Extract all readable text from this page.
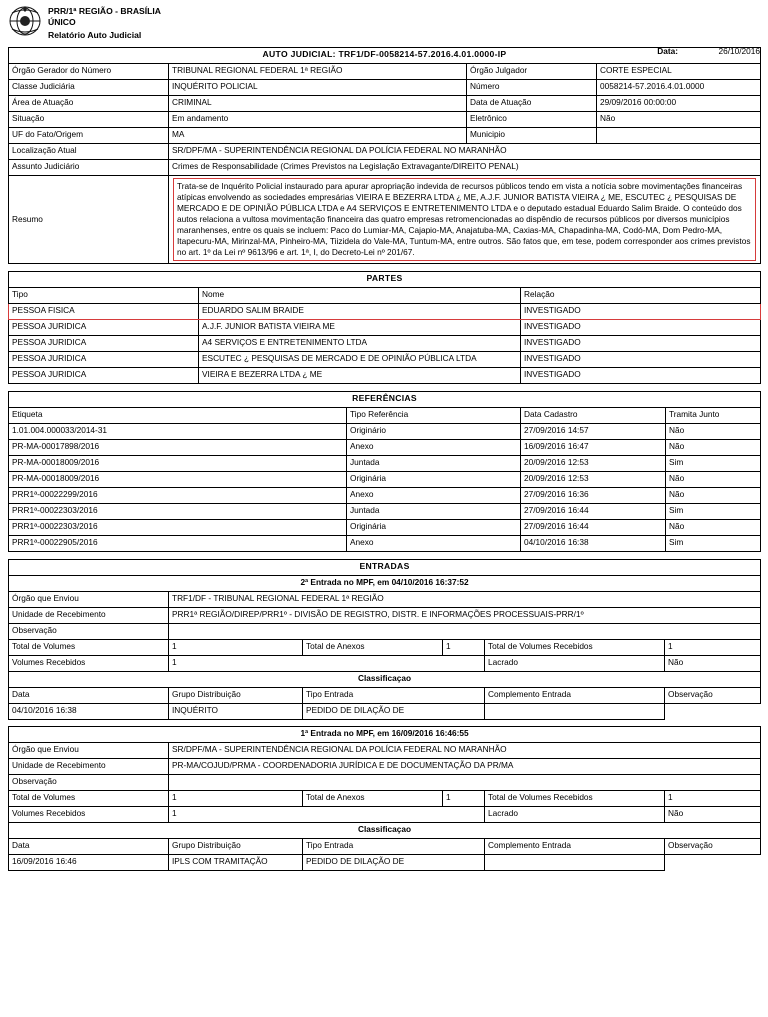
PRR/1ª REGIÃO - BRASÍLIA
ÚNICO
Relatório Auto Judicial
Data:	26/10/2016
AUTO JUDICIAL: TRF1/DF-0058214-57.2016.4.01.0000-IP			
Órgão Gerador do Número	TRIBUNAL REGIONAL FEDERAL 1ª REGIÃO	Órgão Julgador	CORTE ESPECIAL
Classe Judiciária	INQUÉRITO POLICIAL	Número	0058214-57.2016.4.01.0000
Área de Atuação	CRIMINAL	Data de Atuação	29/09/2016 00:00:00
Situação	Em andamento	Eletrônico	Não
UF do Fato/Origem	MA	Municipio	
Localização Atual	SR/DPF/MA - SUPERINTENDÊNCIA REGIONAL DA POLÍCIA FEDERAL NO MARANHÃO		
Assunto Judiciário	Crimes de Responsabilidade (Crimes Previstos na Legislação Extravagante/DIREITO PENAL)		
Resumo	Trata-se de Inquérito Policial instaurado para apurar apropriação indevida de recursos públicos tendo em vista a notícia sobre movimentações financeiras atípicas envolvendo as sociedades empresárias VIEIRA E BEZERRA LTDA ¿ ME, A.J.F. JUNIOR BATISTA VIEIRA ¿ ME, ESCUTEC ¿ PESQUISAS DE MERCADO E DE OPINIÃO PÚBLICA LTDA e A4 SERVIÇOS E ENTRETENIMENTO LTDA e o deputado estadual Eduardo Salim Braide. O conteúdo dos autos relaciona a vultosa movimentação financeira das quatro empresas retromencionadas ao dispêndio de recursos públicos por diversos municípios maranhenses, entre os quais se incluem: Paco do Lumiar-MA, Cajapio-MA, Anajatuba-MA, Caxias-MA, Chapadinha-MA, Codó-MA, Dom Pedro-MA, Itapecuru-MA, Mirinzal-MA, Pinheiro-MA, Tiizidela do Vale-MA, Tuntum-MA, entre outros. São fatos que, em tese, podem corresponder aos crimes previstos no art. 1º da Lei nº 9613/96 e art. 1ª, I, do Decreto-Lei nº 201/67.		
PARTES		
Tipo	Nome	Relação
PESSOA FISICA	EDUARDO SALIM BRAIDE	INVESTIGADO
PESSOA JURIDICA	A.J.F. JUNIOR BATISTA VIEIRA ME	INVESTIGADO
PESSOA JURIDICA	A4 SERVIÇOS E ENTRETENIMENTO LTDA	INVESTIGADO
PESSOA JURIDICA	ESCUTEC ¿ PESQUISAS DE MERCADO E DE OPINIÃO PÚBLICA LTDA	INVESTIGADO
PESSOA JURIDICA	VIEIRA E BEZERRA LTDA ¿ ME	INVESTIGADO
REFERÊNCIAS			
Etiqueta	Tipo Referência	Data Cadastro	Tramita Junto
1.01.004.000033/2014-31	Originário	27/09/2016 14:57	Não
PR-MA-00017898/2016	Anexo	16/09/2016 16:47	Não
PR-MA-00018009/2016	Juntada	20/09/2016 12:53	Sim
PR-MA-00018009/2016	Originária	20/09/2016 12:53	Não
PRR1ª-00022299/2016	Anexo	27/09/2016 16:36	Não
PRR1ª-00022303/2016	Juntada	27/09/2016 16:44	Sim
PRR1ª-00022303/2016	Originária	27/09/2016 16:44	Não
PRR1ª-00022905/2016	Anexo	04/10/2016 16:38	Sim
ENTRADAS					
2ª Entrada no MPF, em 04/10/2016 16:37:52					
Órgão que Enviou	TRF1/DF - TRIBUNAL REGIONAL FEDERAL 1ª REGIÃO				
Unidade de Recebimento	PRR1ª REGIÃO/DIREP/PRR1º - DIVISÃO DE REGISTRO, DISTR. E INFORMAÇÕES PROCESSUAIS-PRR/1º				
Observação					
Total de Volumes	1	Total de Anexos	1	Total de Volumes Recebidos	1
Volumes Recebidos	1			Lacrado	Não
Classificaçao					
Data	Grupo Distribuição	Tipo Entrada		Complemento Entrada	Observação
04/10/2016 16:38	INQUÉRITO	PEDIDO DE DILAÇÃO DE			

1ª Entrada no MPF, em 16/09/2016 16:46:55					
Órgão que Enviou	SR/DPF/MA - SUPERINTENDÊNCIA REGIONAL DA POLÍCIA FEDERAL NO MARANHÃO				
Unidade de Recebimento	PR-MA/COJUD/PRMA - COORDENADORIA JURÍDICA E DE DOCUMENTAÇÃO DA PR/MA				
Observação					
Total de Volumes	1	Total de Anexos	1	Total de Volumes Recebidos	1
Volumes Recebidos	1			Lacrado	Não
Classificaçao					
Data	Grupo Distribuição	Tipo Entrada		Complemento Entrada	Observação
16/09/2016 16:46	IPLS COM TRAMITAÇÃO	PEDIDO DE DILAÇÃO DE			
